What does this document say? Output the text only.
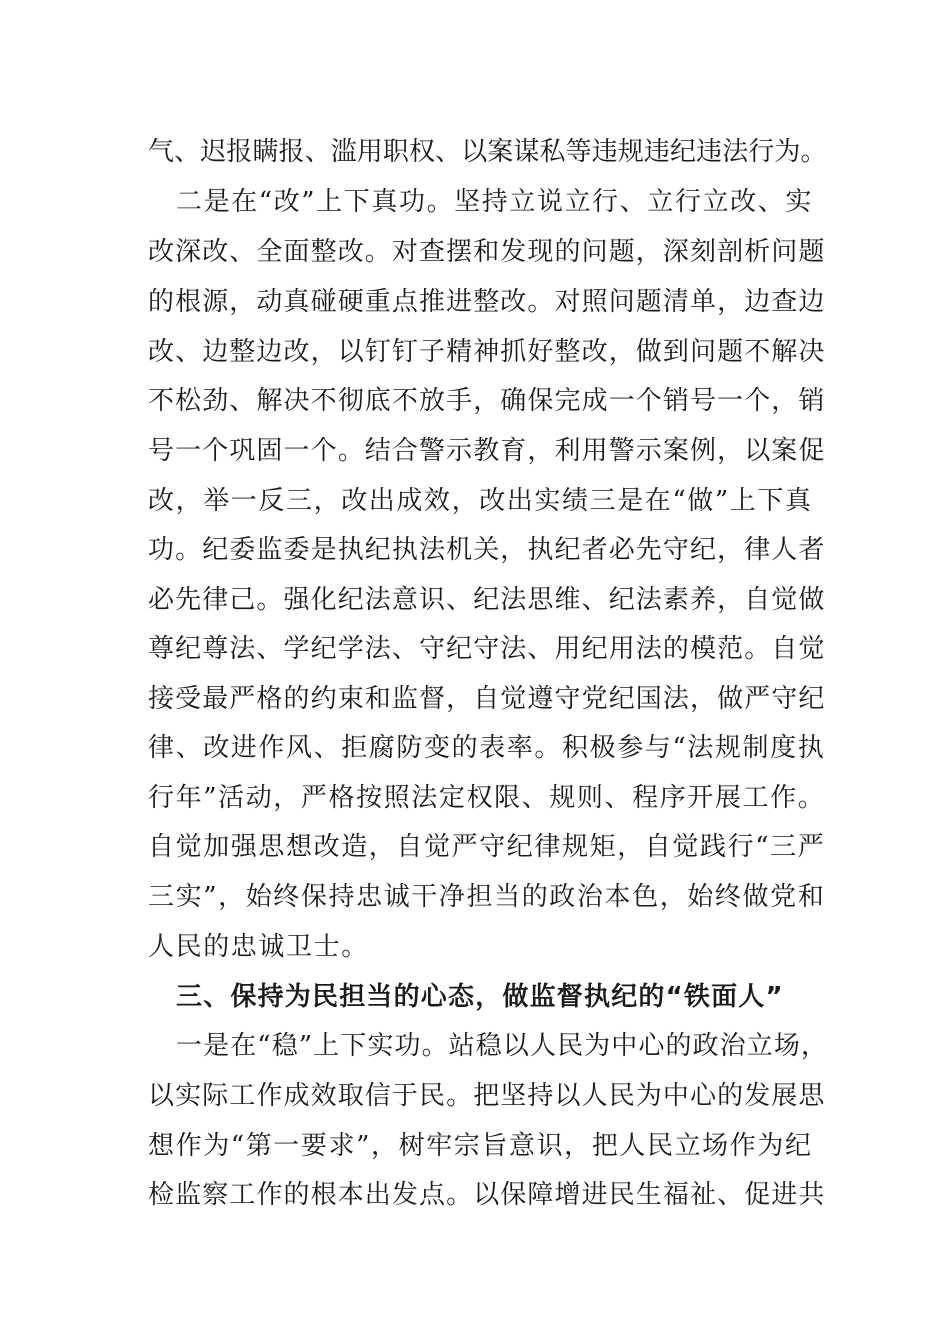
气、迟报瞒报、滥用职权、以案谋私等违规违纪违法行为。
二是在“改”上下真功。坚持立说立行、立行立改、实
改深改、全面整改。对查摆和发现的问题，深刻剖析问题
的根源，动真碰硬重点推进整改。对照问题清单，边查边
改、边整边改，以钉钉子精神抓好整改，做到问题不解决
不松劲、解决不彻底不放手，确保完成一个销号一个，销
号一个巩固一个。结合警示教育，利用警示案例，以案促
改，举一反三，改出成效，改出实绩三是在“做”上下真
功。纪委监委是执纪执法机关，执纪者必先守纪，律人者
必先律己。强化纪法意识、纪法思维、纪法素养，自觉做
尊纪尊法、学纪学法、守纪守法、用纪用法的模范。自觉
接受最严格的约束和监督，自觉遵守党纪国法，做严守纪
律、改进作风、拒腐防变的表率。积极参与“法规制度执
行年”活动，严格按照法定权限、规则、程序开展工作。
自觉加强思想改造，自觉严守纪律规矩，自觉践行“三严
三实”，始终保持忠诚干净担当的政治本色，始终做党和
人民的忠诚卫士。
三、保持为民担当的心态，做监督执纪的“铁面人”
一是在“稳”上下实功。站稳以人民为中心的政治立场，
以实际工作成效取信于民。把坚持以人民为中心的发展思
想作为“第一要求”，树牢宗旨意识，把人民立场作为纪
检监察工作的根本出发点。以保障增进民生福祉、促进共
